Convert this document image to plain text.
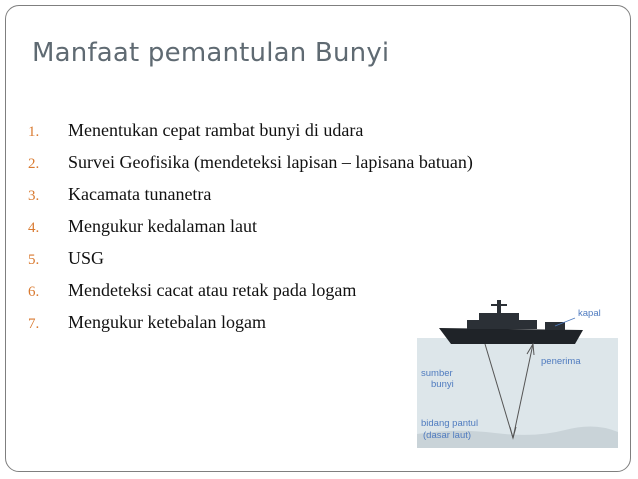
Manfaat pemantulan Bunyi
1.	Menentukan cepat rambat bunyi di udara
2.	Survei Geofisika (mendeteksi lapisan – lapisana batuan)
3.	Kacamata tunanetra
4.	Mengukur kedalaman laut
5.	USG
6.	Mendeteksi cacat atau retak pada logam
7.	Mengukur ketebalan logam	kapal
sumber
bunyi
penerima
bidang pantul
(dasar laut)
